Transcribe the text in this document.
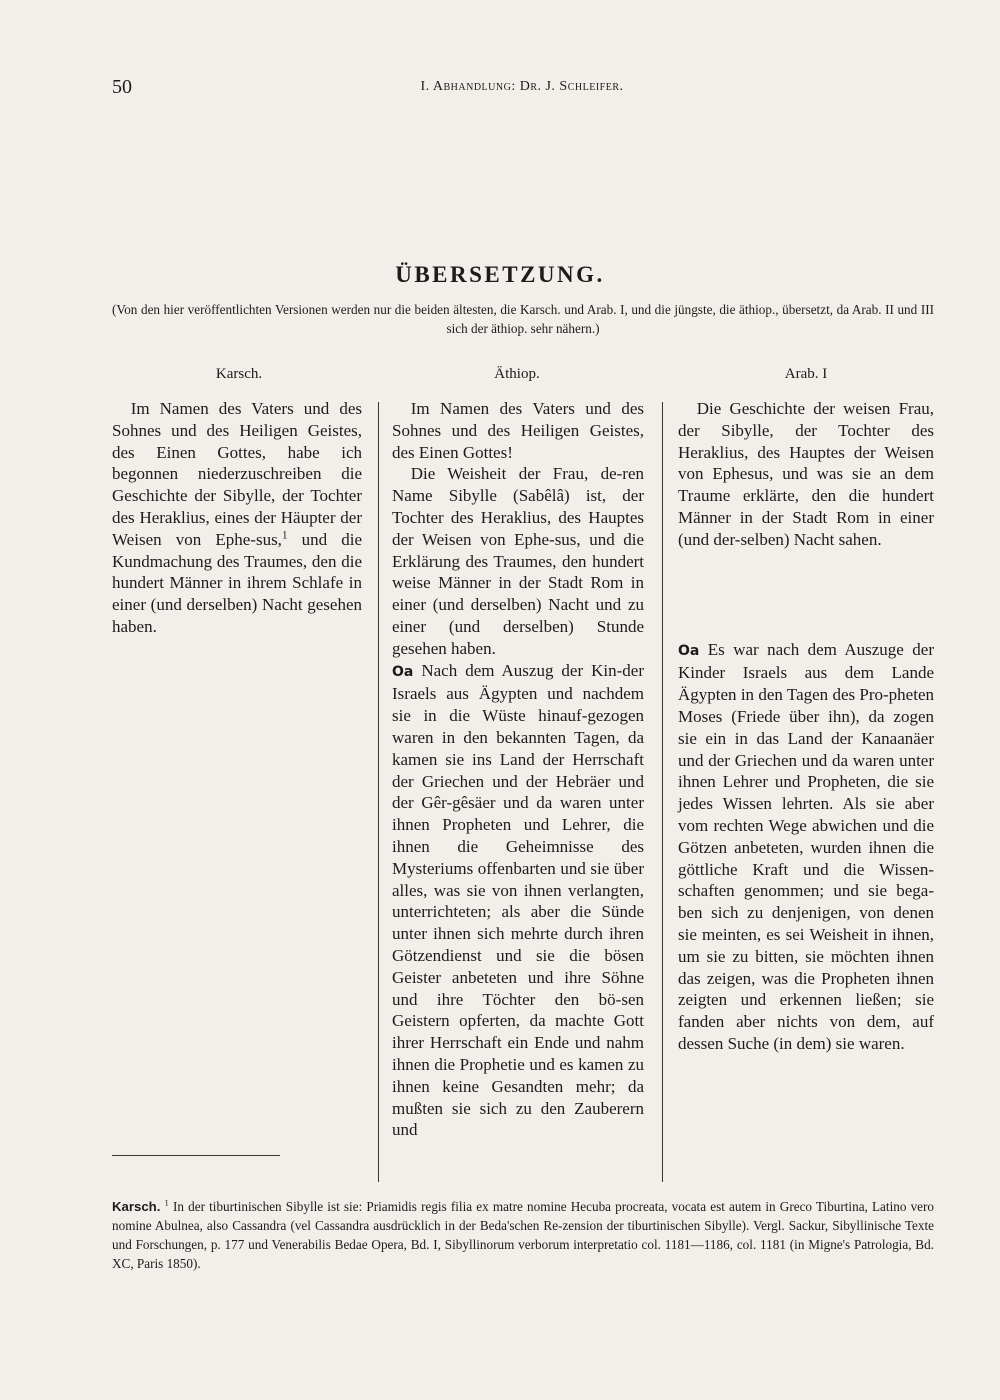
50	I. Abhandlung: Dr. J. Schleifer.
ÜBERSETZUNG.
(Von den hier veröffentlichten Versionen werden nur die beiden ältesten, die Karsch. und Arab. I, und die jüngste, die äthiop., übersetzt, da Arab. II und III sich der äthiop. sehr nähern.)
Karsch.	Äthiop.	Arab. I

Im Namen des Vaters und des Sohnes und des Heiligen Geistes, des Einen Gottes, habe ich begonnen niederzuschreiben die Geschichte der Sibylle, der Tochter des Heraklius, eines der Häupter der Weisen von Ephe-sus,$^1$ und die Kundmachung des Traumes, den die hundert Männer in ihrem Schlafe in einer (und derselben) Nacht gesehen haben.

Im Namen des Vaters und des Sohnes und des Heiligen Geistes, des Einen Gottes!

Die Weisheit der Frau, de-ren Name Sibylle (Sabêlâ) ist, der Tochter des Heraklius, des Hauptes der Weisen von Ephe-sus, und die Erklärung des Traumes, den hundert weise Männer in der Stadt Rom in einer (und derselben) Nacht und zu einer (und derselben) Stunde gesehen haben.

Oa Nach dem Auszug der Kin-der Israels aus Ägypten und nachdem sie in die Wüste hinauf-gezogen waren in den bekannten Tagen, da kamen sie ins Land der Herrschaft der Griechen und der Hebräer und der Gêr-gêsäer und da waren unter ihnen Propheten und Lehrer, die ihnen die Geheimnisse des Mysteriums offenbarten und sie über alles, was sie von ihnen verlangten, unterrichteten; als aber die Sünde unter ihnen sich mehrte durch ihren Götzendienst und sie die bösen Geister anbeteten und ihre Söhne und ihre Töchter den bö-sen Geistern opferten, da machte Gott ihrer Herrschaft ein Ende und nahm ihnen die Prophetie und es kamen zu ihnen keine Gesandten mehr; da mußten sie sich zu den Zauberern und

Die Geschichte der weisen Frau, der Sibylle, der Tochter des Heraklius, des Hauptes der Weisen von Ephesus, und was sie an dem Traume erklärte, den die hundert Männer in der Stadt Rom in einer (und der-selben) Nacht sahen.

Oa Es war nach dem Auszuge der Kinder Israels aus dem Lande Ägypten in den Tagen des Pro-pheten Moses (Friede über ihn), da zogen sie ein in das Land der Kanaanäer und der Griechen und da waren unter ihnen Lehrer und Propheten, die sie jedes Wissen lehrten. Als sie aber vom rechten Wege abwichen und die Götzen anbeteten, wurden ihnen die göttliche Kraft und die Wissen-schaften genommen; und sie bega-ben sich zu denjenigen, von denen sie meinten, es sei Weisheit in ihnen, um sie zu bitten, sie möchten ihnen das zeigen, was die Propheten ihnen zeigten und erkennen ließen; sie fanden aber nichts von dem, auf dessen Suche (in dem) sie waren.

Karsch. $^1$ In der tiburtinischen Sibylle ist sie: Priamidis regis filia ex matre nomine Hecuba procreata, vocata est autem in Greco Tiburtina, Latino vero nomine Abulnea, also Cassandra (vel Cassandra ausdrücklich in der Beda'schen Re-zension der tiburtinischen Sibylle). Vergl. Sackur, Sibyllinische Texte und Forschungen, p. 177 und Venerabilis Bedae Opera, Bd. I, Sibyllinorum verborum interpretatio col. 1181—1186, col. 1181 (in Migne's Patrologia, Bd. XC, Paris 1850).
